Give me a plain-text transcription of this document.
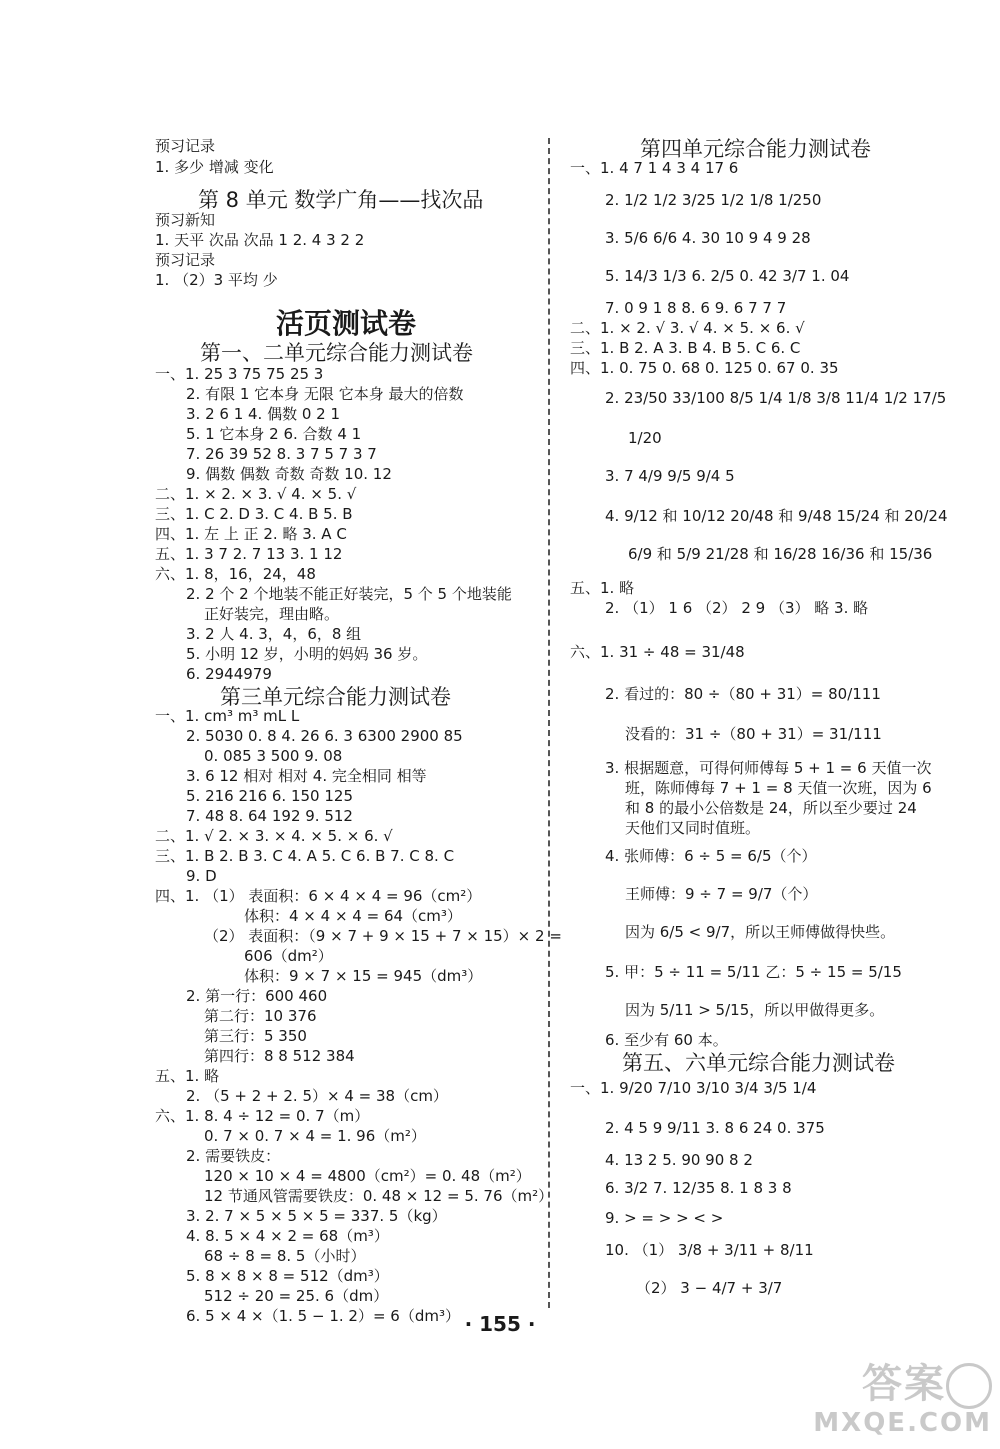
预习记录
1. 多少 增减 变化
第 8 单元 数学广角——找次品
预习新知
1. 天平 次品 次品 1 2. 4 3 2 2
预习记录
1. （2）3 平均 少
活页测试卷
第一、二单元综合能力测试卷
一、1. 25 3 75 75 25 3
2. 有限 1 它本身 无限 它本身 最大的倍数
3. 2 6 1 4. 偶数 0 2 1
5. 1 它本身 2 6. 合数 4 1
7. 26 39 52 8. 3 7 5 7 3 7
9. 偶数 偶数 奇数 奇数 10. 12
二、1. × 2. × 3. √ 4. × 5. √
三、1. C 2. D 3. C 4. B 5. B
四、1. 左 上 正 2. 略 3. A C
五、1. 3 7 2. 7 13 3. 1 12
六、1. 8，16，24，48
2. 2 个 2 个地装不能正好装完，5 个 5 个地装能
正好装完，理由略。
3. 2 人 4. 3，4，6，8 组
5. 小明 12 岁，小明的妈妈 36 岁。
6. 2944979
第三单元综合能力测试卷
一、1. cm³ m³ mL L
2. 5030 0. 8 4. 26 6. 3 6300 2900 85
0. 085 3 500 9. 08
3. 6 12 相对 相对 4. 完全相同 相等
5. 216 216 6. 150 125
7. 48 8. 64 192 9. 512
二、1. √ 2. × 3. × 4. × 5. × 6. √
三、1. B 2. B 3. C 4. A 5. C 6. B 7. C 8. C
9. D
四、1. （1） 表面积：6 × 4 × 4 = 96（cm²）
体积：4 × 4 × 4 = 64（cm³）
（2） 表面积：（9 × 7 + 9 × 15 + 7 × 15）× 2 =
606（dm²）
体积：9 × 7 × 15 = 945（dm³）
2. 第一行：600 460
第二行：10 376
第三行：5 350
第四行：8 8 512 384
五、1. 略
2. （5 + 2 + 2. 5）× 4 = 38（cm）
六、1. 8. 4 ÷ 12 = 0. 7（m）
0. 7 × 0. 7 × 4 = 1. 96（m²）
2. 需要铁皮：
120 × 10 × 4 = 4800（cm²）= 0. 48（m²）
12 节通风管需要铁皮：0. 48 × 12 = 5. 76（m²）
3. 2. 7 × 5 × 5 × 5 = 337. 5（kg）
4. 8. 5 × 4 × 2 = 68（m³）
68 ÷ 8 = 8. 5（小时）
5. 8 × 8 × 8 = 512（dm³）
512 ÷ 20 = 25. 6（dm）
6. 5 × 4 ×（1. 5 − 1. 2）= 6（dm³）
第四单元综合能力测试卷
一、1. 4 7 1 4 3 4 17 6
2. 1/2 1/2 3/25 1/2 1/8 1/250
3. 5/6 6/6 4. 30 10 9 4 9 28
5. 14/3 1/3 6. 2/5 0. 42 3/7 1. 04
7. 0 9 1 8 8. 6 9. 6 7 7 7
二、1. × 2. √ 3. √ 4. × 5. × 6. √
三、1. B 2. A 3. B 4. B 5. C 6. C
四、1. 0. 75 0. 68 0. 125 0. 67 0. 35
2. 23/50 33/100 8/5 1/4 1/8 3/8 11/4 1/2 17/5
1/20
3. 7 4/9 9/5 9/4 5
4. 9/12 和 10/12 20/48 和 9/48 15/24 和 20/24
6/9 和 5/9 21/28 和 16/28 16/36 和 15/36
五、1. 略
2. （1） 1 6 （2） 2 9 （3） 略 3. 略
六、1. 31 ÷ 48 = 31/48
2. 看过的：80 ÷（80 + 31）= 80/111
没看的：31 ÷（80 + 31）= 31/111
3. 根据题意，可得何师傅每 5 + 1 = 6 天值一次
班，陈师傅每 7 + 1 = 8 天值一次班，因为 6
和 8 的最小公倍数是 24，所以至少要过 24
天他们又同时值班。
4. 张师傅：6 ÷ 5 = 6/5（个）
王师傅：9 ÷ 7 = 9/7（个）
因为 6/5 < 9/7，所以王师傅做得快些。
5. 甲：5 ÷ 11 = 5/11 乙：5 ÷ 15 = 5/15
因为 5/11 > 5/15，所以甲做得更多。
6. 至少有 60 本。
第五、六单元综合能力测试卷
一、1. 9/20 7/10 3/10 3/4 3/5 1/4
2. 4 5 9 9/11 3. 8 6 24 0. 375
4. 13 2 5. 90 90 8 2
6. 3/2 7. 12/35 8. 1 8 3 8
9. > = > > < >
10. （1） 3/8 + 3/11 + 8/11
（2） 3 − 4/7 + 3/7
· 155 ·
答案
MXQE.COM
